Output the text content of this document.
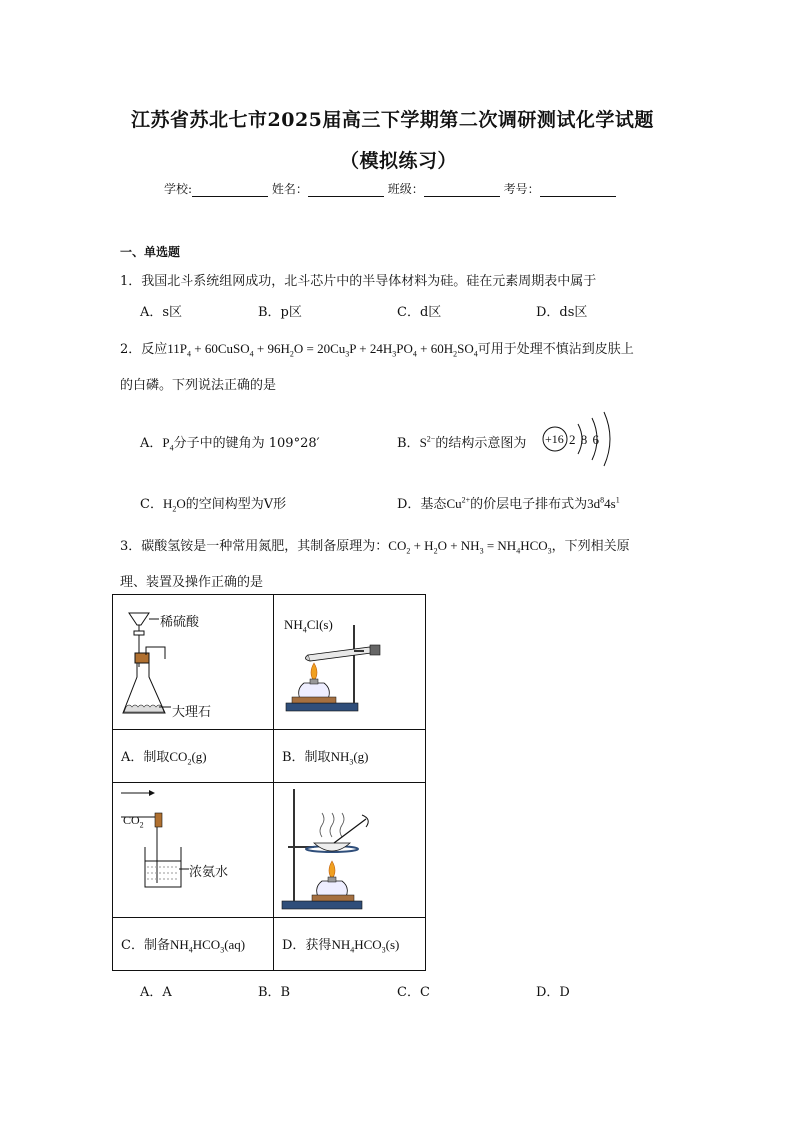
江苏省苏北七市2025届高三下学期第二次调研测试化学试题
（模拟练习）
学校:	姓名：	班级：	考号：
一、单选题
1．我国北斗系统组网成功，北斗芯片中的半导体材料为硅。硅在元素周期表中属于
A．s区	B．p区	C．d区	D．ds区
2．反应$11P_4$ + 60CuSO$_4$ + $96H_2O = 20Cu_3P + 24H_3PO_4 + 60H_2SO_4$可用于处理不慎沾到皮肤上
的白磷。下列说法正确的是
A．$P_4$分子中的键角为 109°28′	B．$S^{2-}$的结构示意图为 +16 2 8 6
C．$H_2O$的空间构型为V形	D．基态$Cu^{2+}$的价层电子排布式为$3d^84s^1$
3．碳酸氢铵是一种常用氮肥，其制备原理为：$CO_2 + H_2O + NH_3 = NH_4HCO_3$，下列相关原
理、装置及操作正确的是
稀硫酸
大理石	$NH_4Cl(s)$

A．制取$CO_2(g)$	B．制取$NH_3(g)$

$CO_2$
浓氨水

C．制备$NH_4HCO_3(aq)$	D．获得$NH_4HCO_3(s)$
A．A	B．B	C．C	D．D
